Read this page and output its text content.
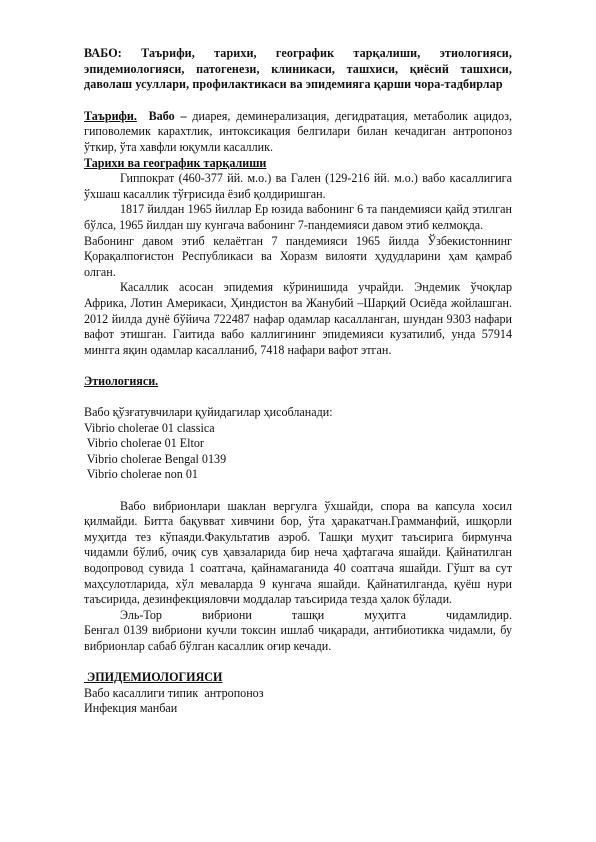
ВАБО: Таърифи, тарихи, географик тарқалиши, этиологияси, эпидемиологияси, патогенези, клиникаси, ташхиси, қиёсий ташхиси, даволаш усуллари, профилактикаси ва эпидемияга қарши чора-тадбирлар

Таърифи. Вабо – диарея, деминерализация, дегидратация, метаболик ацидоз, гиповолемик карахтлик, интоксикация белгилари билан кечадиган антропоноз ўткир, ўта хавфли юқумли касаллик.

Тарихи ва географик тарқалиши

Гиппократ (460-377 йй. м.о.) ва Гален (129-216 йй. м.о.) вабо касаллигига ўхшаш касаллик тўғрисида ёзиб қолдиришган.

1817 йилдан 1965 йиллар Ер юзида вабонинг 6 та пандемияси қайд этилган бўлса, 1965 йилдан шу кунгача вабонинг 7-пандемияси давом этиб келмоқда.

Вабонинг давом этиб келаётган 7 пандемияси 1965 йилда Ўзбекистоннинг Қорақалпоғистон Республикаси ва Хоразм вилояти ҳудудларини ҳам қамраб олган.

Касаллик асосан эпидемия кўринишида учрайди. Эндемик ўчоқлар Африка, Лотин Америкаси, Ҳиндистон ва Жанубий –Шарқий Осиёда жойлашган. 2012 йилда дунё бўйича 722487 нафар одамлар касалланган, шундан 9303 нафари вафот этишган. Гаитида вабо каллигининг эпидемияси кузатилиб, унда 57914 мингга яқин одамлар касалланиб, 7418 нафари вафот этган.

Этиологияси.

Вабо қўзғатувчилари қуйидагилар ҳисобланади:

Vibrio cholerae 01 classica
Vibrio cholerae 01 Eltor
Vibrio cholerae Bengal 0139
Vibrio cholerae non 01

Вабо вибрионлари шаклан вергулга ўхшайди, спора ва капсула хосил қилмайди. Битта бақувват хивчини бор, ўта ҳаракатчан.Грамманфий, ишқорли муҳитда тез кўпаяди.Факультатив аэроб. Ташқи муҳит таъсирига бирмунча чидамли бўлиб, очиқ сув ҳавзаларида бир неча ҳафтагача яшайди. Қайнатилган водопровод сувида 1 соатгача, қайнамаганида 40 соатгача яшайди. Гўшт ва сут маҳсулотларида, хўл меваларда 9 кунгача яшайди. Қайнатилганда, қуёш нури таъсирида, дезинфекцияловчи моддалар таъсирида тезда ҳалок бўлади.

Эль-Тор	вибриони	ташқи	муҳитга	чидамлидир.

Бенгал 0139 вибриони кучли токсин ишлаб чиқаради, антибиотикка чидамли, бу вибрионлар сабаб бўлган касаллик оғир кечади.

ЭПИДЕМИОЛОГИЯСИ

Вабо касаллиги типик  антропоноз

Инфекция манбаи
